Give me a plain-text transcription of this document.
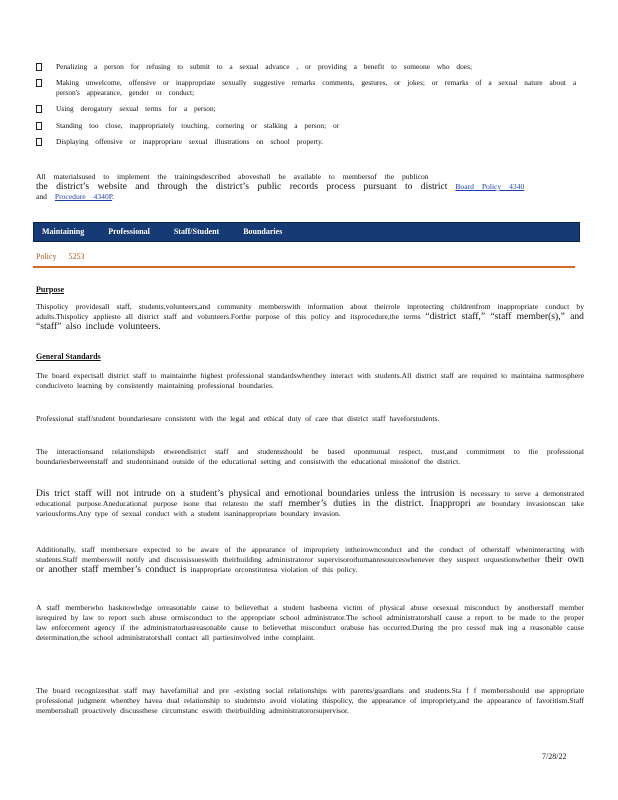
Penalizing a person for refusing to submit to a sexual advance , or providing a benefit to someone who does;
Making unwelcome, offensive or inappropriate sexually suggestive remarks comments, gestures, or jokes; or remarks of a sexual nature about a person's appearance, gender or conduct;
Using derogatory sexual terms for a person;
Standing too close, inappropriately touching, cornering or stalking a person; or
Displaying offensive or inappropriate sexual illustrations on school property.

All materialsused to implement the trainingsdescribed aboveshall be available to membersof the publicon
the district’s website and through the district’s public records process pursuant to district Board Policy 4340
and Procedure 4340P.

Maintaining Professional Staff/Student Boundaries
Policy 5253
Purpose

Thispolicy providesall staff, students,volunteers,and community memberswith information about theirrole inprotecting childrenfrom inappropriate conduct by adults.Thispolicy appliesto all district staff and volunteers.Forthe purpose of this policy and itsprocedure,the terms “district staff,” “staff member(s),” and “staff” also include volunteers.

General Standards

The board expectsall district staff to maintainthe highest professional standardswhenthey interact with students.All district staff are required to maintaina natmosphere conduciveto learning by consistently maintaining professional boundaries.

Professional staff/student boundariesare consistent with the legal and ethical duty of care that district staff haveforstudents.

The interactionsand relationshipsb etweendistrict staff and studentsshould be based uponmutual respect, trust,and commitment to the professional boundariesbetweenstaff and studentsinand outside of the educational setting and consistwith the educational missionof the district.

Dis trict staff will not intrude on a student’s physical and emotional boundaries unless the intrusion is necessary to serve a demonstrated educational purpose.Aneducational purpose isone that relatesto the staff member’s duties in the district. Inappropri ate boundary invasionscan take variousforms.Any type of sexual conduct with a student isaninappropriate boundary invasion.

Additionally, staff membersare expected to be aware of the appearance of impropriety intheirownconduct and the conduct of otherstaff wheninteracting with students.Staff memberswill notify and discussissueswith theirbuilding administratoror supervisororhumanresourceswhenever they suspect orquestionwhether their own or another staff member’s conduct is inappropriate orconstitutesa violation of this policy.

A staff memberwho hasknowledge orreasonable cause to believethat a student hasbeena victim of physical abuse orsexual misconduct by anotherstaff member isrequired by law to report such abuse ormisconduct to the appropriate school administrator.The school administratorshall cause a report to be made to the proper law enforcement agency if the administratorhasreasonable cause to believethat misconduct orabuse has occurred.During the pro cessof mak ing a reasonable cause determination,the school administratorshall contact all partiesinvolved inthe complaint.

The board recognizesthat staff may havefamilial and pre -existing social relationships with parents/guardians and students.Sta f f membersshould use appropriate professional judgment whenthey havea dual relationship to studentsto avoid violating thispolicy, the appearance of impropriety,and the appearance of favoritism.Staff membersshall proactively discussthese circumstanc eswith theirbuilding administratororsupervisor.

7/28/22
